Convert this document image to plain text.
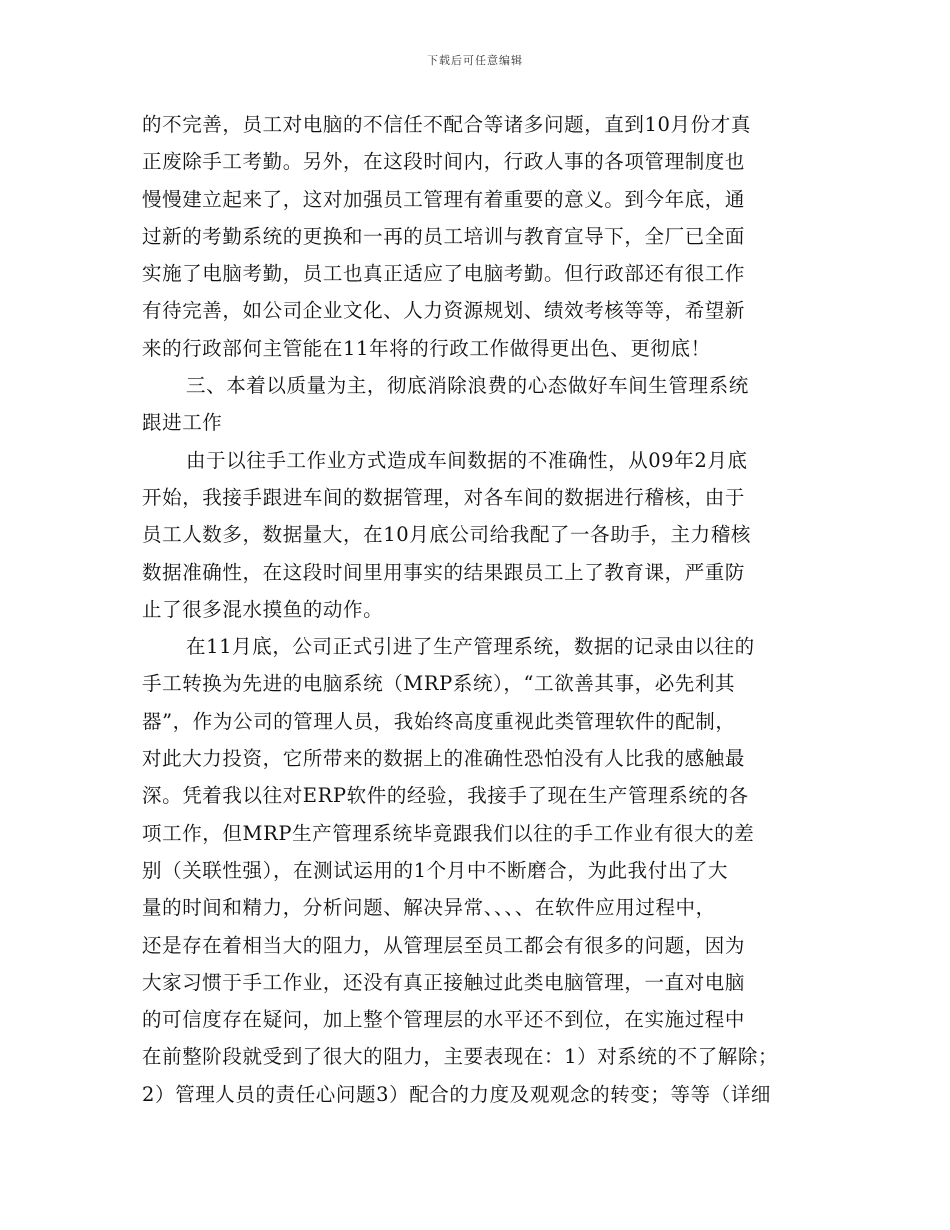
下载后可任意编辑
的不完善，员工对电脑的不信任不配合等诸多问题，直到10月份才真
正废除手工考勤。另外，在这段时间内，行政人事的各项管理制度也
慢慢建立起来了，这对加强员工管理有着重要的意义。到今年底，通
过新的考勤系统的更换和一再的员工培训与教育宣导下，全厂已全面
实施了电脑考勤，员工也真正适应了电脑考勤。但行政部还有很工作
有待完善，如公司企业文化、人力资源规划、绩效考核等等，希望新
来的行政部何主管能在11年将的行政工作做得更出色、更彻底！
三、本着以质量为主，彻底消除浪费的心态做好车间生管理系统
跟进工作
由于以往手工作业方式造成车间数据的不准确性，从09年2月底
开始，我接手跟进车间的数据管理，对各车间的数据进行稽核，由于
员工人数多，数据量大，在10月底公司给我配了一各助手，主力稽核
数据准确性，在这段时间里用事实的结果跟员工上了教育课，严重防
止了很多混水摸鱼的动作。
在11月底，公司正式引进了生产管理系统，数据的记录由以往的
手工转换为先进的电脑系统（MRP系统），“工欲善其事，必先利其
器”，作为公司的管理人员，我始终高度重视此类管理软件的配制，
对此大力投资，它所带来的数据上的准确性恐怕没有人比我的感触最
深。凭着我以往对ERP软件的经验，我接手了现在生产管理系统的各
项工作，但MRP生产管理系统毕竟跟我们以往的手工作业有很大的差
别（关联性强），在测试运用的1个月中不断磨合，为此我付出了大
量的时间和精力，分析问题、解决异常、、、、在软件应用过程中，
还是存在着相当大的阻力，从管理层至员工都会有很多的问题，因为
大家习惯于手工作业，还没有真正接触过此类电脑管理，一直对电脑
的可信度存在疑问，加上整个管理层的水平还不到位，在实施过程中
在前整阶段就受到了很大的阻力，主要表现在：1）对系统的不了解除；
2）管理人员的责任心问题3）配合的力度及观观念的转变；等等（详细
